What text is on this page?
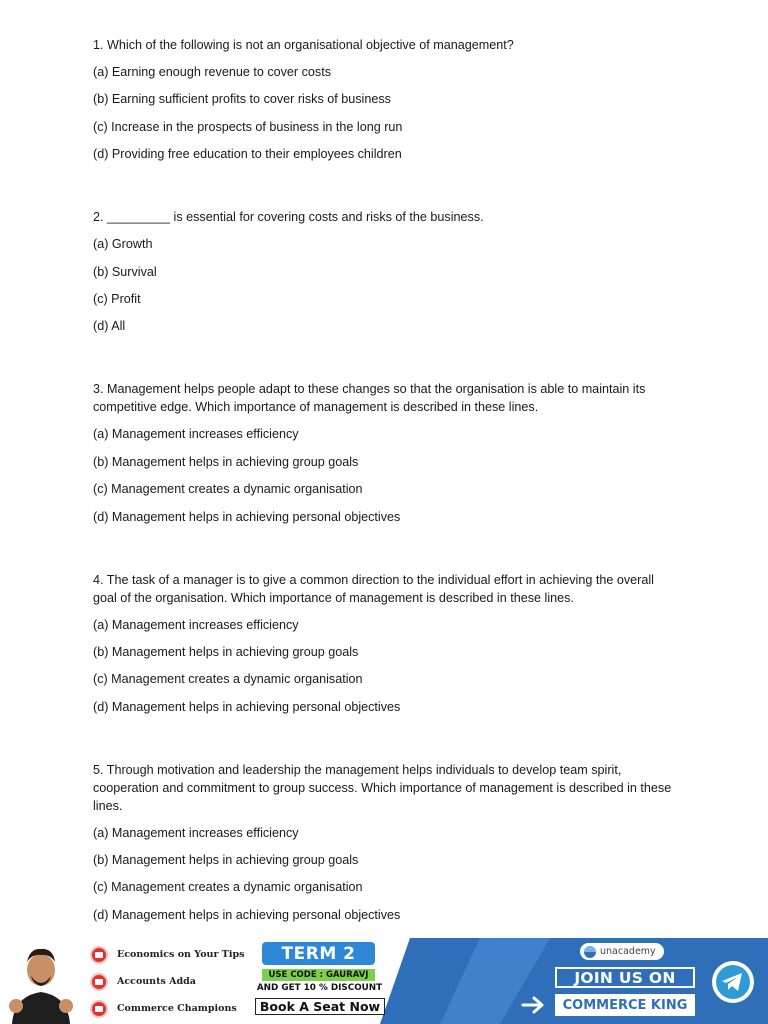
1. Which of the following is not an organisational objective of management?

(a) Earning enough revenue to cover costs

(b) Earning sufficient profits to cover risks of business

(c) Increase in the prospects of business in the long run

(d) Providing free education to their employees children

2. _________ is essential for covering costs and risks of the business.

(a) Growth

(b) Survival

(c) Profit

(d) All

3. Management helps people adapt to these changes so that the organisation is able to maintain its competitive edge. Which importance of management is described in these lines.

(a) Management increases efficiency

(b) Management helps in achieving group goals

(c) Management creates a dynamic organisation

(d) Management helps in achieving personal objectives

4. The task of a manager is to give a common direction to the individual effort in achieving the overall goal of the organisation. Which importance of management is described in these lines.

(a) Management increases efficiency

(b) Management helps in achieving group goals

(c) Management creates a dynamic organisation

(d) Management helps in achieving personal objectives

5. Through motivation and leadership the management helps individuals to develop team spirit, cooperation and commitment to group success. Which importance of management is described in these lines.

(a) Management increases efficiency

(b) Management helps in achieving group goals

(c) Management creates a dynamic organisation

(d) Management helps in achieving personal objectives

Economics on Your Tips
Accounts Adda
Commerce Champions
TERM 2
USE CODE : GAURAVJ
AND GET 10 % DISCOUNT
Book A Seat Now
unacademy
JOIN US ON
COMMERCE KING
